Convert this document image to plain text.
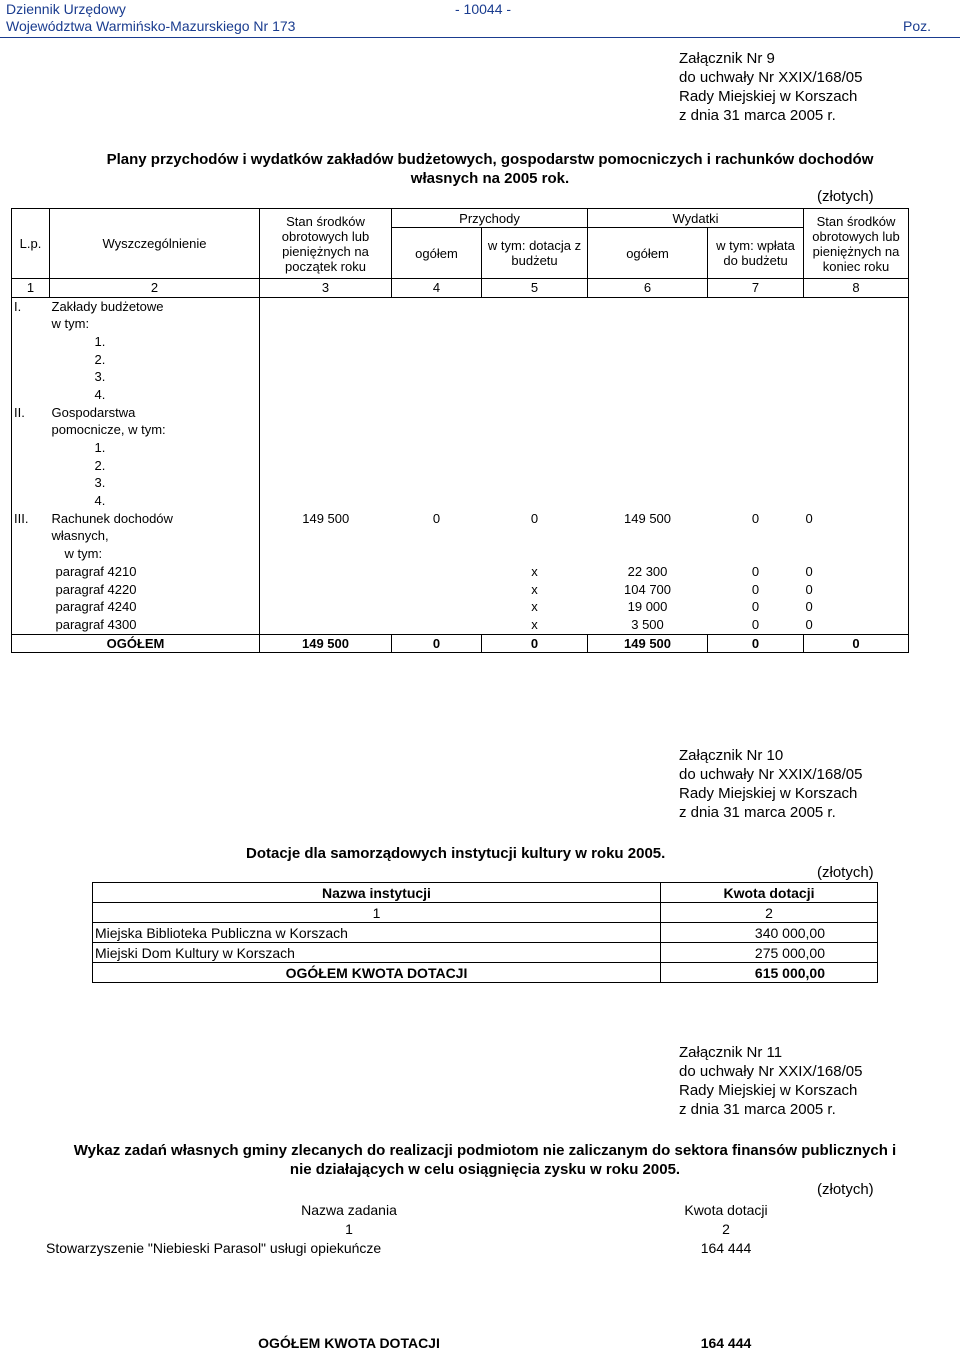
Dziennik Urzędowy
Województwa Warmińsko-Mazurskiego Nr 173
- 10044 -
Poz.
Załącznik Nr 9
do uchwały Nr XXIX/168/05
Rady Miejskiej w Korszach
z dnia 31 marca 2005 r.
Plany przychodów i wydatków zakładów budżetowych, gospodarstw pomocniczych i rachunków dochodów
własnych na 2005 rok.
(złotych)
L.p.	Wyszczególnienie	Stan środków obrotowych lub pieniężnych na początek roku	Przychody		Wydatki		Stan środków obrotowych lub pieniężnych na koniec roku
			ogółem	w tym: dotacja z budżetu	ogółem	w tym: wpłata do budżetu	
1	2	3	4	5	6	7	8
I.	Zakłady budżetowe						
	w tym:						
	1.						
	2.						
	3.						
	4.						
II.	Gospodarstwa						
	pomocnicze, w tym:						
	1.						
	2.						
	3.						
	4.						
III.	Rachunek dochodów	149 500	0	0	149 500	0	0
	własnych,						
	w tym:						
	paragraf 4210			x	22 300	0	0
	paragraf 4220			x	104 700	0	0
	paragraf 4240			x	19 000	0	0
	paragraf 4300			x	3 500	0	0
OGÓŁEM		149 500	0	0	149 500	0	0
Załącznik Nr 10
do uchwały Nr XXIX/168/05
Rady Miejskiej w Korszach
z dnia 31 marca 2005 r.
Dotacje dla samorządowych instytucji kultury w roku 2005.
(złotych)
Nazwa instytucji	Kwota dotacji
1	2
Miejska Biblioteka Publiczna w Korszach	340 000,00
Miejski Dom Kultury w Korszach	275 000,00
OGÓŁEM KWOTA DOTACJI	615 000,00
Załącznik Nr 11
do uchwały Nr XXIX/168/05
Rady Miejskiej w Korszach
z dnia 31 marca 2005 r.
Wykaz zadań własnych gminy zlecanych do realizacji podmiotom nie zaliczanym do sektora finansów publicznych i
nie działających w celu osiągnięcia zysku w roku 2005.
(złotych)
Nazwa zadania	Kwota dotacji
1	2
Stowarzyszenie "Niebieski Parasol" usługi opiekuńcze	164 444

OGÓŁEM KWOTA DOTACJI	164 444
